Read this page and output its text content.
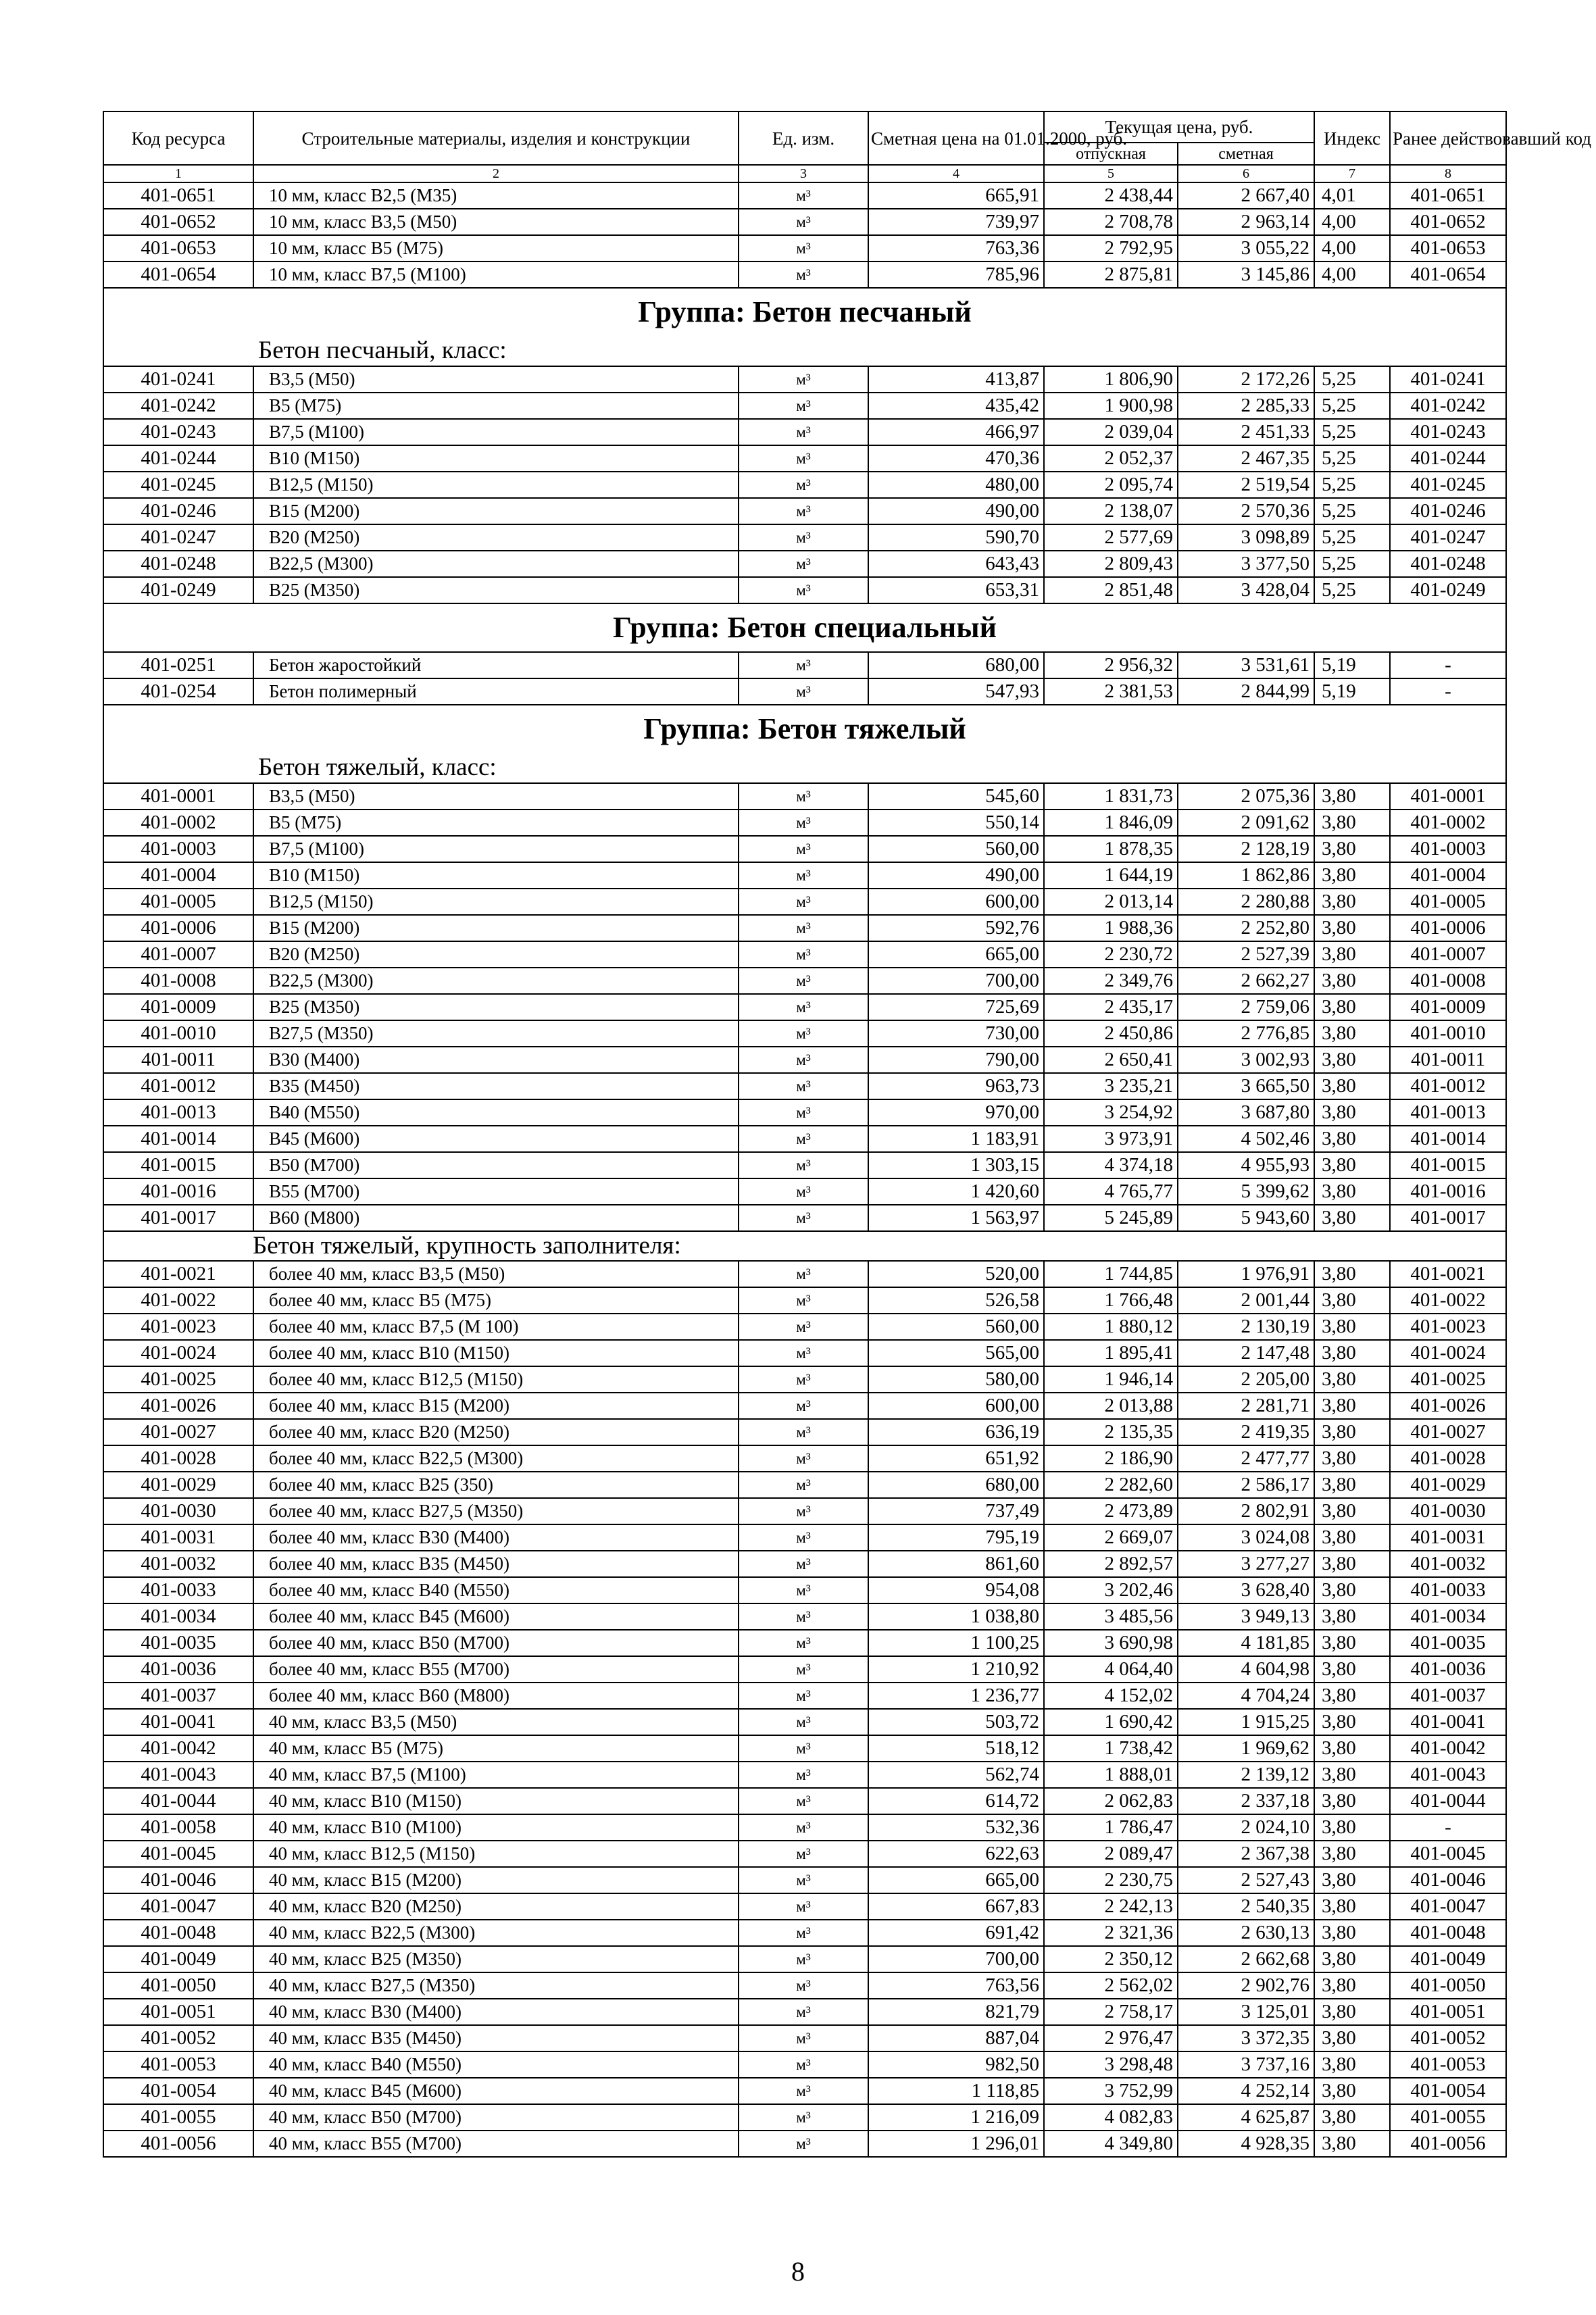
Код ресурса	Строительные материалы, изделия и конструкции	Ед. изм.	Сметная цена на 01.01.2000, руб.	Текущая цена, руб.		Индекс	Ранее действовавший код
				отпускная	сметная		
1	2	3	4	5	6	7	8
401-0651	10 мм, класс В2,5 (М35)	м³	665,91	2 438,44	2 667,40	4,01	401-0651
401-0652	10 мм, класс В3,5 (М50)	м³	739,97	2 708,78	2 963,14	4,00	401-0652
401-0653	10 мм, класс В5 (М75)	м³	763,36	2 792,95	3 055,22	4,00	401-0653
401-0654	10 мм, класс В7,5 (М100)	м³	785,96	2 875,81	3 145,86	4,00	401-0654
Группа: Бетон песчаный							
Бетон песчаный, класс:							
401-0241	В3,5 (М50)	м³	413,87	1 806,90	2 172,26	5,25	401-0241
401-0242	В5 (М75)	м³	435,42	1 900,98	2 285,33	5,25	401-0242
401-0243	В7,5 (М100)	м³	466,97	2 039,04	2 451,33	5,25	401-0243
401-0244	В10 (М150)	м³	470,36	2 052,37	2 467,35	5,25	401-0244
401-0245	В12,5 (М150)	м³	480,00	2 095,74	2 519,54	5,25	401-0245
401-0246	В15 (М200)	м³	490,00	2 138,07	2 570,36	5,25	401-0246
401-0247	В20 (М250)	м³	590,70	2 577,69	3 098,89	5,25	401-0247
401-0248	В22,5 (М300)	м³	643,43	2 809,43	3 377,50	5,25	401-0248
401-0249	В25 (М350)	м³	653,31	2 851,48	3 428,04	5,25	401-0249
Группа: Бетон специальный							
401-0251	Бетон жаростойкий	м³	680,00	2 956,32	3 531,61	5,19	-
401-0254	Бетон полимерный	м³	547,93	2 381,53	2 844,99	5,19	-
Группа: Бетон тяжелый							
Бетон тяжелый, класс:							
401-0001	В3,5 (М50)	м³	545,60	1 831,73	2 075,36	3,80	401-0001
401-0002	В5 (М75)	м³	550,14	1 846,09	2 091,62	3,80	401-0002
401-0003	В7,5 (М100)	м³	560,00	1 878,35	2 128,19	3,80	401-0003
401-0004	В10 (М150)	м³	490,00	1 644,19	1 862,86	3,80	401-0004
401-0005	В12,5 (М150)	м³	600,00	2 013,14	2 280,88	3,80	401-0005
401-0006	В15 (М200)	м³	592,76	1 988,36	2 252,80	3,80	401-0006
401-0007	В20 (М250)	м³	665,00	2 230,72	2 527,39	3,80	401-0007
401-0008	В22,5 (М300)	м³	700,00	2 349,76	2 662,27	3,80	401-0008
401-0009	В25 (М350)	м³	725,69	2 435,17	2 759,06	3,80	401-0009
401-0010	В27,5 (М350)	м³	730,00	2 450,86	2 776,85	3,80	401-0010
401-0011	В30 (М400)	м³	790,00	2 650,41	3 002,93	3,80	401-0011
401-0012	В35 (М450)	м³	963,73	3 235,21	3 665,50	3,80	401-0012
401-0013	В40 (М550)	м³	970,00	3 254,92	3 687,80	3,80	401-0013
401-0014	В45 (М600)	м³	1 183,91	3 973,91	4 502,46	3,80	401-0014
401-0015	В50 (М700)	м³	1 303,15	4 374,18	4 955,93	3,80	401-0015
401-0016	В55 (М700)	м³	1 420,60	4 765,77	5 399,62	3,80	401-0016
401-0017	В60 (М800)	м³	1 563,97	5 245,89	5 943,60	3,80	401-0017
Бетон тяжелый, крупность заполнителя:							
401-0021	более 40 мм, класс В3,5 (М50)	м³	520,00	1 744,85	1 976,91	3,80	401-0021
401-0022	более 40 мм, класс В5 (М75)	м³	526,58	1 766,48	2 001,44	3,80	401-0022
401-0023	более 40 мм, класс В7,5 (М 100)	м³	560,00	1 880,12	2 130,19	3,80	401-0023
401-0024	более 40 мм, класс В10 (М150)	м³	565,00	1 895,41	2 147,48	3,80	401-0024
401-0025	более 40 мм, класс В12,5 (М150)	м³	580,00	1 946,14	2 205,00	3,80	401-0025
401-0026	более 40 мм, класс В15 (М200)	м³	600,00	2 013,88	2 281,71	3,80	401-0026
401-0027	более 40 мм, класс В20 (М250)	м³	636,19	2 135,35	2 419,35	3,80	401-0027
401-0028	более 40 мм, класс В22,5 (М300)	м³	651,92	2 186,90	2 477,77	3,80	401-0028
401-0029	более 40 мм, класс В25 (350)	м³	680,00	2 282,60	2 586,17	3,80	401-0029
401-0030	более 40 мм, класс В27,5 (М350)	м³	737,49	2 473,89	2 802,91	3,80	401-0030
401-0031	более 40 мм, класс В30 (М400)	м³	795,19	2 669,07	3 024,08	3,80	401-0031
401-0032	более 40 мм, класс В35 (М450)	м³	861,60	2 892,57	3 277,27	3,80	401-0032
401-0033	более 40 мм, класс В40 (М550)	м³	954,08	3 202,46	3 628,40	3,80	401-0033
401-0034	более 40 мм, класс В45 (М600)	м³	1 038,80	3 485,56	3 949,13	3,80	401-0034
401-0035	более 40 мм, класс В50 (М700)	м³	1 100,25	3 690,98	4 181,85	3,80	401-0035
401-0036	более 40 мм, класс В55 (М700)	м³	1 210,92	4 064,40	4 604,98	3,80	401-0036
401-0037	более 40 мм, класс В60 (М800)	м³	1 236,77	4 152,02	4 704,24	3,80	401-0037
401-0041	40 мм, класс В3,5 (М50)	м³	503,72	1 690,42	1 915,25	3,80	401-0041
401-0042	40 мм, класс В5 (М75)	м³	518,12	1 738,42	1 969,62	3,80	401-0042
401-0043	40 мм, класс В7,5 (М100)	м³	562,74	1 888,01	2 139,12	3,80	401-0043
401-0044	40 мм, класс В10 (М150)	м³	614,72	2 062,83	2 337,18	3,80	401-0044
401-0058	40 мм, класс В10 (М100)	м³	532,36	1 786,47	2 024,10	3,80	-
401-0045	40 мм, класс В12,5 (М150)	м³	622,63	2 089,47	2 367,38	3,80	401-0045
401-0046	40 мм, класс В15 (М200)	м³	665,00	2 230,75	2 527,43	3,80	401-0046
401-0047	40 мм, класс В20 (М250)	м³	667,83	2 242,13	2 540,35	3,80	401-0047
401-0048	40 мм, класс В22,5 (М300)	м³	691,42	2 321,36	2 630,13	3,80	401-0048
401-0049	40 мм, класс В25 (М350)	м³	700,00	2 350,12	2 662,68	3,80	401-0049
401-0050	40 мм, класс В27,5 (М350)	м³	763,56	2 562,02	2 902,76	3,80	401-0050
401-0051	40 мм, класс В30 (М400)	м³	821,79	2 758,17	3 125,01	3,80	401-0051
401-0052	40 мм, класс В35 (М450)	м³	887,04	2 976,47	3 372,35	3,80	401-0052
401-0053	40 мм, класс В40 (М550)	м³	982,50	3 298,48	3 737,16	3,80	401-0053
401-0054	40 мм, класс В45 (М600)	м³	1 118,85	3 752,99	4 252,14	3,80	401-0054
401-0055	40 мм, класс В50 (М700)	м³	1 216,09	4 082,83	4 625,87	3,80	401-0055
401-0056	40 мм, класс В55 (М700)	м³	1 296,01	4 349,80	4 928,35	3,80	401-0056
8
